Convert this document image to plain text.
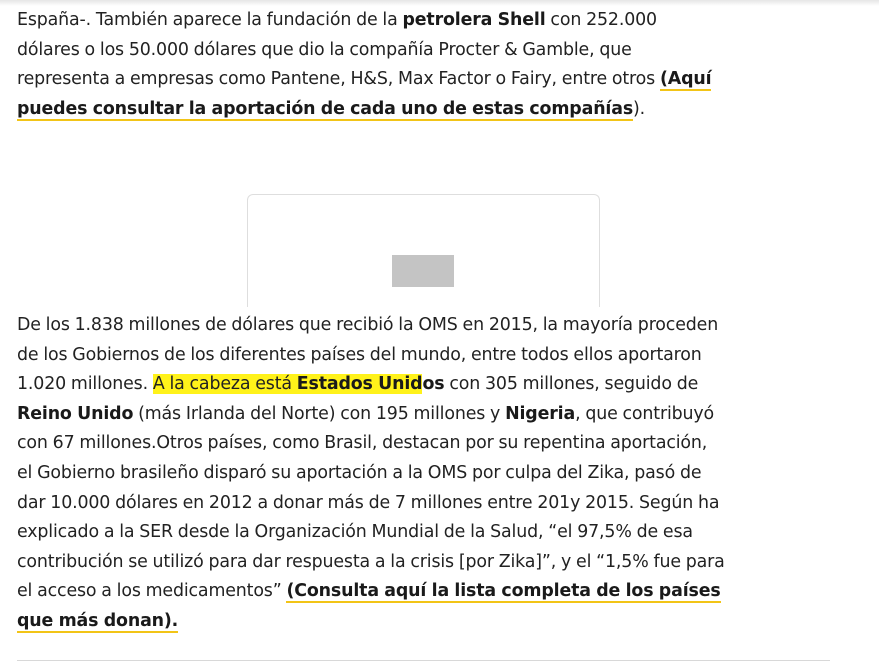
España-. También aparece la fundación de la petrolera Shell con 252.000
dólares o los 50.000 dólares que dio la compañía Procter & Gamble, que
representa a empresas como Pantene, H&S, Max Factor o Fairy, entre otros (Aquí
puedes consultar la aportación de cada uno de estas compañías).

De los 1.838 millones de dólares que recibió la OMS en 2015, la mayoría proceden
de los Gobiernos de los diferentes países del mundo, entre todos ellos aportaron
1.020 millones. A la cabeza está Estados Unidos con 305 millones, seguido de
Reino Unido (más Irlanda del Norte) con 195 millones y Nigeria, que contribuyó
con 67 millones.Otros países, como Brasil, destacan por su repentina aportación,
el Gobierno brasileño disparó su aportación a la OMS por culpa del Zika, pasó de
dar 10.000 dólares en 2012 a donar más de 7 millones entre 201y 2015. Según ha
explicado a la SER desde la Organización Mundial de la Salud, “el 97,5% de esa
contribución se utilizó para dar respuesta a la crisis [por Zika]”, y el “1,5% fue para
el acceso a los medicamentos” (Consulta aquí la lista completa de los países
que más donan).
